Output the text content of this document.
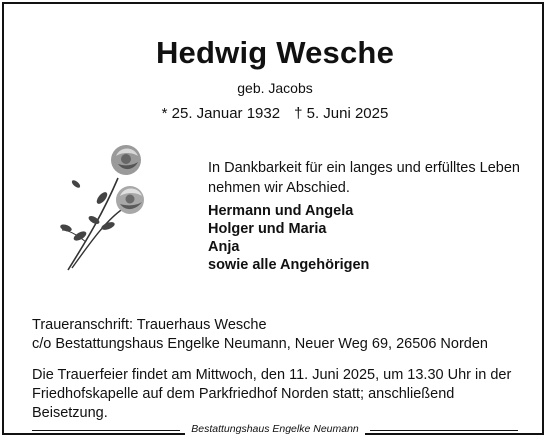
Hedwig Wesche
geb. Jacobs
* 25. Januar 1932 † 5. Juni 2025
In Dankbarkeit für ein langes und erfülltes Leben
nehmen wir Abschied.
Hermann und Angela
Holger und Maria
Anja
sowie alle Angehörigen
Traueranschrift: Trauerhaus Wesche
c/o Bestattungshaus Engelke Neumann, Neuer Weg 69, 26506 Norden
Die Trauerfeier findet am Mittwoch, den 11. Juni 2025, um 13.30 Uhr in der
Friedhofskapelle auf dem Parkfriedhof Norden statt; anschließend Beisetzung.
Bestattungshaus Engelke Neumann
